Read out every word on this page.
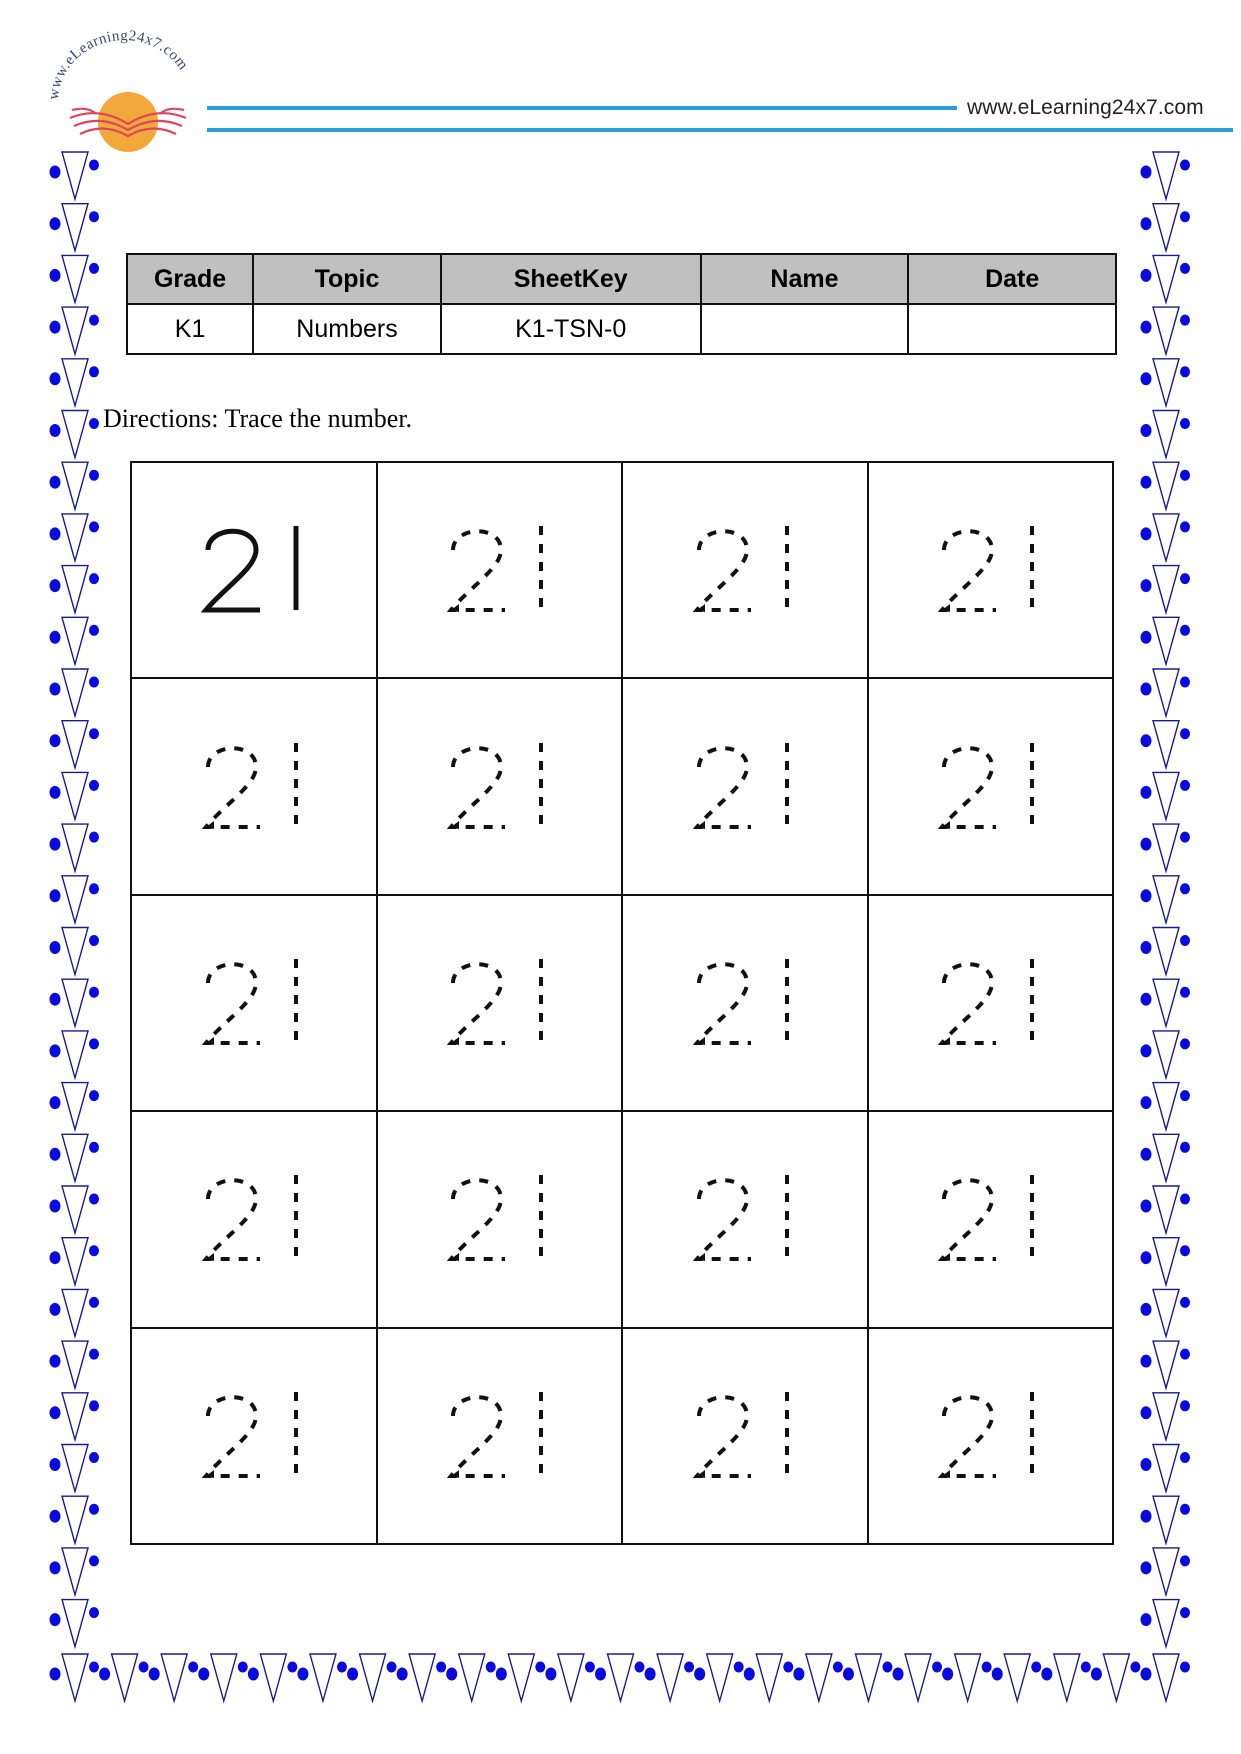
www.eLearning24x7.com
www.eLearning24x7.com
Grade	Topic	SheetKey	Name	Date
K1	Numbers	K1-TSN-0		
Directions: Trace the number.
